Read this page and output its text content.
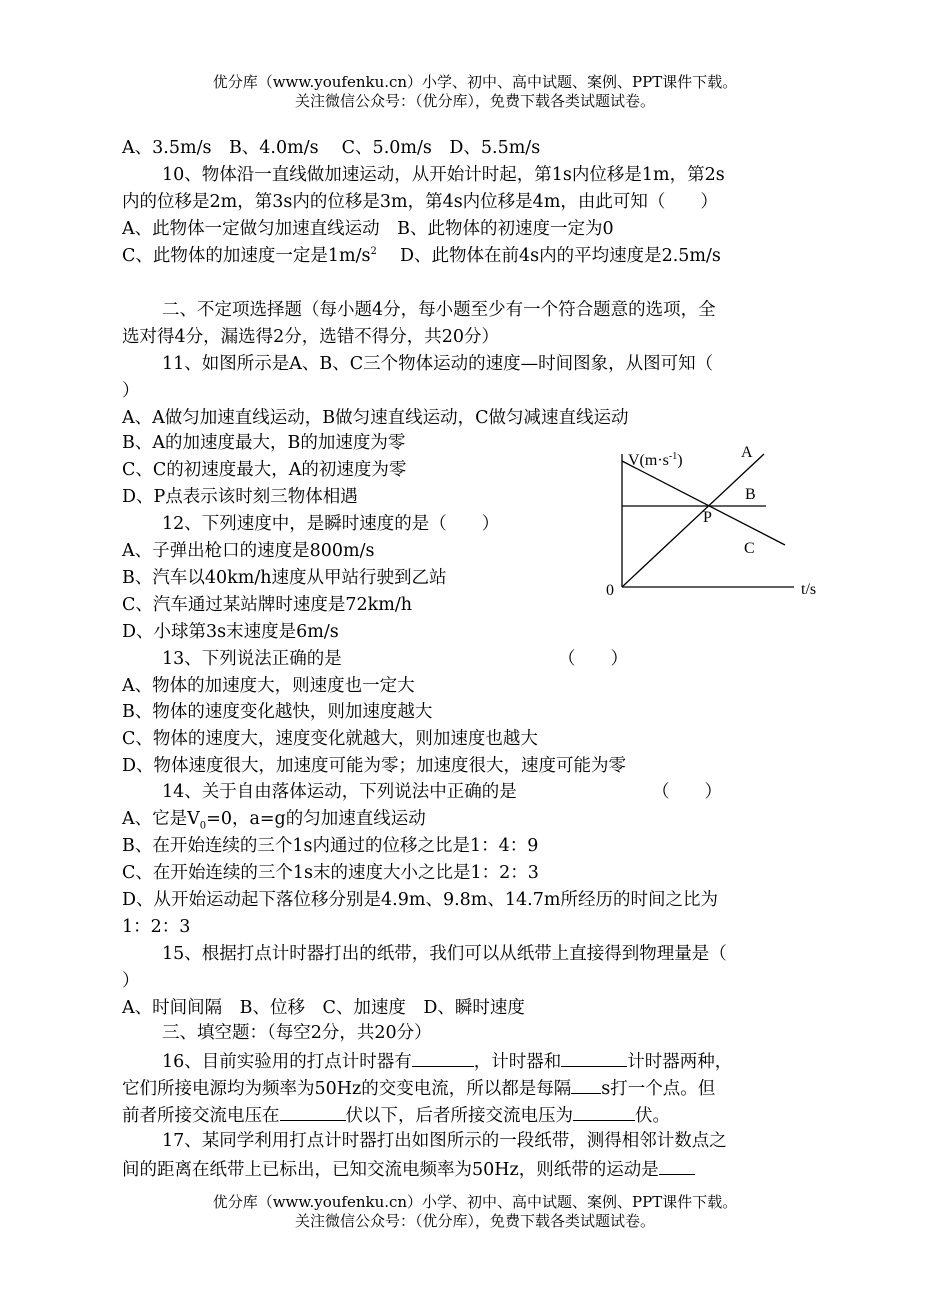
优分库（www.youfenku.cn）小学、初中、高中试题、案例、PPT课件下载。
关注微信公众号：（优分库），免费下载各类试题试卷。
A、3.5m/s　B、4.0m/s　 C、5.0m/s　D、5.5m/s
10、物体沿一直线做加速运动，从开始计时起，第1s内位移是1m，第2s
内的位移是2m，第3s内的位移是3m，第4s内位移是4m，由此可知（　　）
A、此物体一定做匀加速直线运动　B、此物体的初速度一定为0
C、此物体的加速度一定是$1m/s^2$　 D、此物体在前4s内的平均速度是2.5m/s
二、不定项选择题（每小题4分，每小题至少有一个符合题意的选项，全
选对得4分，漏选得2分，选错不得分，共20分）
11、如图所示是A、B、C三个物体运动的速度—时间图象，从图可知（
）
A、A做匀加速直线运动，B做匀速直线运动，C做匀减速直线运动
B、A的加速度最大，B的加速度为零
C、C的初速度最大，A的初速度为零
D、P点表示该时刻三物体相遇
$V(m\cdot s^{-1})$	A
B
P
C
0	t/s
12、下列速度中，是瞬时速度的是（　　）
A、子弹出枪口的速度是800m/s
B、汽车以40km/h速度从甲站行驶到乙站
C、汽车通过某站牌时速度是72km/h
D、小球第3s末速度是6m/s
13、下列说法正确的是	（　　）
A、物体的加速度大，则速度也一定大
B、物体的速度变化越快，则加速度越大
C、物体的速度大，速度变化就越大，则加速度也越大
D、物体速度很大，加速度可能为零；加速度很大，速度可能为零
14、关于自由落体运动，下列说法中正确的是	（　　）
A、它是$V_0=0$，a=g的匀加速直线运动
B、在开始连续的三个1s内通过的位移之比是1：4：9
C、在开始连续的三个1s末的速度大小之比是1：2：3
D、从开始运动起下落位移分别是4.9m、9.8m、14.7m所经历的时间之比为
1：2：3
15、根据打点计时器打出的纸带，我们可以从纸带上直接得到物理量是（
）
A、时间间隔　B、位移　C、加速度　D、瞬时速度
三、填空题：（每空2分，共20分）
16、目前实验用的打点计时器有	，计时器和	计时器两种，
它们所接电源均为频率为50Hz的交变电流，所以都是每隔 s打一个点。但
前者所接交流电压在	伏以下，后者所接交流电压为	伏。
17、某同学利用打点计时器打出如图所示的一段纸带，测得相邻计数点之
间的距离在纸带上已标出，已知交流电频率为50Hz，则纸带的运动是
优分库（www.youfenku.cn）小学、初中、高中试题、案例、PPT课件下载。
关注微信公众号：（优分库），免费下载各类试题试卷。
